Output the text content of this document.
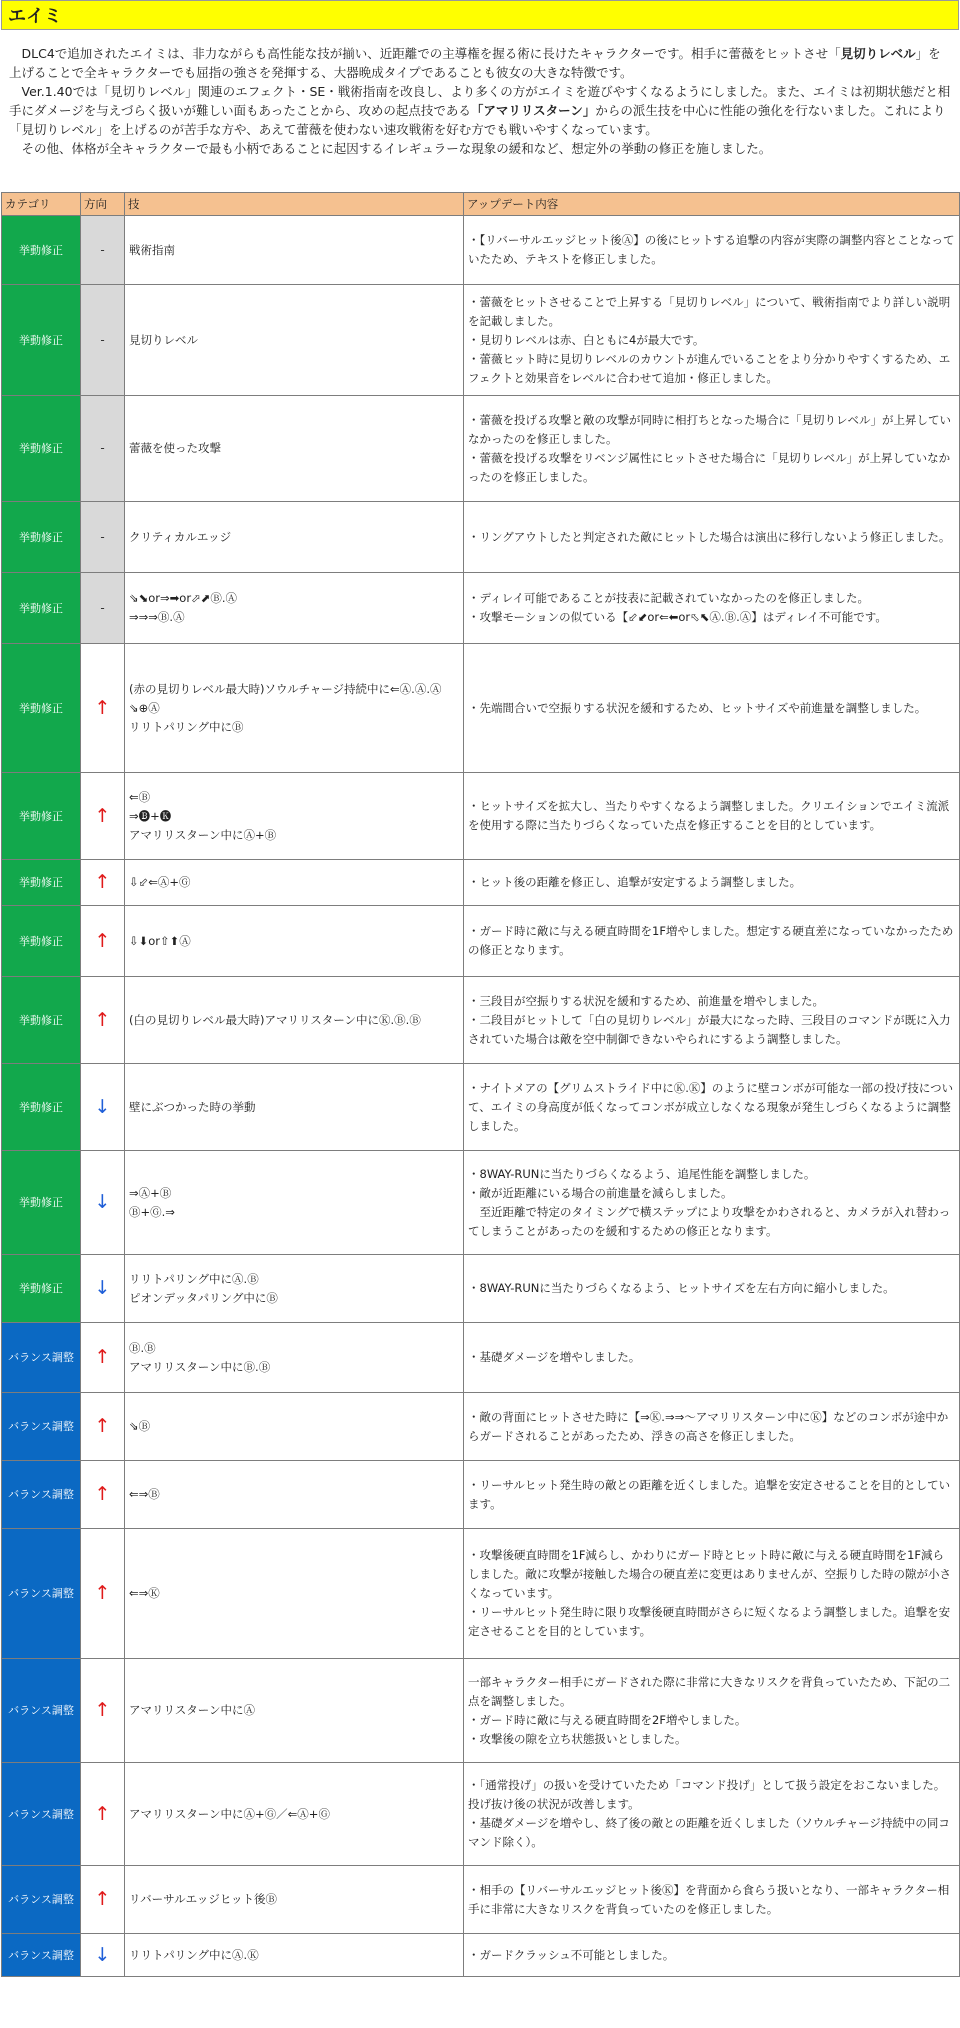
エイミ

DLC4で追加されたエイミは、非力ながらも高性能な技が揃い、近距離での主導権を握る術に長けたキャラクターです。相手に蕾薇をヒットさせ「見切りレベル」を上げることで全キャラクターでも屈指の強さを発揮する、大器晩成タイプであることも彼女の大きな特徴です。

Ver.1.40では「見切りレベル」関連のエフェクト・SE・戦術指南を改良し、より多くの方がエイミを遊びやすくなるようにしました。また、エイミは初期状態だと相手にダメージを与えづらく扱いが難しい面もあったことから、攻めの起点技である「アマリリスターン」からの派生技を中心に性能の強化を行ないました。これにより「見切りレベル」を上げるのが苦手な方や、あえて蕾薇を使わない速攻戦術を好む方でも戦いやすくなっています。

その他、体格が全キャラクターで最も小柄であることに起因するイレギュラーな現象の緩和など、想定外の挙動の修正を施しました。

カテゴリ	方向	技	アップデート内容
挙動修正	-	戦術指南	・【リバーサルエッジヒット後Ⓐ】の後にヒットする追撃の内容が実際の調整内容とことなっていたため、テキストを修正しました。
挙動修正	-	見切りレベル	・蕾薇をヒットさせることで上昇する「見切りレベル」について、戦術指南でより詳しい説明を記載しました。
・見切りレベルは赤、白ともに4が最大です。
・蕾薇ヒット時に見切りレベルのカウントが進んでいることをより分かりやすくするため、エフェクトと効果音をレベルに合わせて追加・修正しました。
挙動修正	-	蕾薇を使った攻撃	・蕾薇を投げる攻撃と敵の攻撃が同時に相打ちとなった場合に「見切りレベル」が上昇していなかったのを修正しました。
・蕾薇を投げる攻撃をリベンジ属性にヒットさせた場合に「見切りレベル」が上昇していなかったのを修正しました。
挙動修正	-	クリティカルエッジ	・リングアウトしたと判定された敵にヒットした場合は演出に移行しないよう修正しました。
挙動修正	-	⇘⬊or⇒➡or⬀⬈Ⓑ.Ⓐ
⇒⇒⇒Ⓑ.Ⓐ	・ディレイ可能であることが技表に記載されていなかったのを修正しました。
・攻撃モーションの似ている【⬃⬋or⇐⬅or⬁⬉Ⓐ.Ⓑ.Ⓐ】はディレイ不可能です。
挙動修正	↑	(赤の見切りレベル最大時)ソウルチャージ持続中に⇐Ⓐ.Ⓐ.Ⓐ
⇘⊕Ⓐ
リリトパリング中にⒷ	・先端間合いで空振りする状況を緩和するため、ヒットサイズや前進量を調整しました。
挙動修正	↑	⇐Ⓑ
⇒🅑+🅚
アマリリスターン中にⒶ+Ⓑ	・ヒットサイズを拡大し、当たりやすくなるよう調整しました。クリエイションでエイミ流派を使用する際に当たりづらくなっていた点を修正することを目的としています。
挙動修正	↑	⇩⬃⇐Ⓐ+Ⓖ	・ヒット後の距離を修正し、追撃が安定するよう調整しました。
挙動修正	↑	⇩⬇or⇧⬆Ⓐ	・ガード時に敵に与える硬直時間を1F増やしました。想定する硬直差になっていなかったための修正となります。
挙動修正	↑	(白の見切りレベル最大時)アマリリスターン中にⓀ.Ⓑ.Ⓑ	・三段目が空振りする状況を緩和するため、前進量を増やしました。
・二段目がヒットして「白の見切りレベル」が最大になった時、三段目のコマンドが既に入力されていた場合は敵を空中制御できないやられにするよう調整しました。
挙動修正	↓	壁にぶつかった時の挙動	・ナイトメアの【グリムストライド中にⓀ.Ⓚ】のように壁コンボが可能な一部の投げ技について、エイミの身高度が低くなってコンボが成立しなくなる現象が発生しづらくなるように調整しました。
挙動修正	↓	⇒Ⓐ+Ⓑ
Ⓑ+Ⓖ.⇒	・8WAY-RUNに当たりづらくなるよう、追尾性能を調整しました。
・敵が近距離にいる場合の前進量を減らしました。
　至近距離で特定のタイミングで横ステップにより攻撃をかわされると、カメラが入れ替わってしまうことがあったのを緩和するための修正となります。
挙動修正	↓	リリトパリング中にⒶ.Ⓑ
ピオンデッタパリング中にⒷ	・8WAY-RUNに当たりづらくなるよう、ヒットサイズを左右方向に縮小しました。
バランス調整	↑	Ⓑ.Ⓑ
アマリリスターン中にⒷ.Ⓑ	・基礎ダメージを増やしました。
バランス調整	↑	⇘Ⓑ	・敵の背面にヒットさせた時に【⇒Ⓚ.⇒⇒～アマリリスターン中にⓀ】などのコンボが途中からガードされることがあったため、浮きの高さを修正しました。
バランス調整	↑	⇐⇒Ⓑ	・リーサルヒット発生時の敵との距離を近くしました。追撃を安定させることを目的としています。
バランス調整	↑	⇐⇒Ⓚ	・攻撃後硬直時間を1F減らし、かわりにガード時とヒット時に敵に与える硬直時間を1F減らしました。敵に攻撃が接触した場合の硬直差に変更はありませんが、空振りした時の隙が小さくなっています。
・リーサルヒット発生時に限り攻撃後硬直時間がさらに短くなるよう調整しました。追撃を安定させることを目的としています。
バランス調整	↑	アマリリスターン中にⒶ	一部キャラクター相手にガードされた際に非常に大きなリスクを背負っていたため、下記の二点を調整しました。
・ガード時に敵に与える硬直時間を2F増やしました。
・攻撃後の隙を立ち状態扱いとしました。
バランス調整	↑	アマリリスターン中にⒶ+Ⓖ／⇐Ⓐ+Ⓖ	・「通常投げ」の扱いを受けていたため「コマンド投げ」として扱う設定をおこないました。投げ抜け後の状況が改善します。
・基礎ダメージを増やし、終了後の敵との距離を近くしました（ソウルチャージ持続中の同コマンド除く）。
バランス調整	↑	リバーサルエッジヒット後Ⓑ	・相手の【リバーサルエッジヒット後Ⓚ】を背面から食らう扱いとなり、一部キャラクター相手に非常に大きなリスクを背負っていたのを修正しました。
バランス調整	↓	リリトパリング中にⒶ.Ⓚ	・ガードクラッシュ不可能としました。
